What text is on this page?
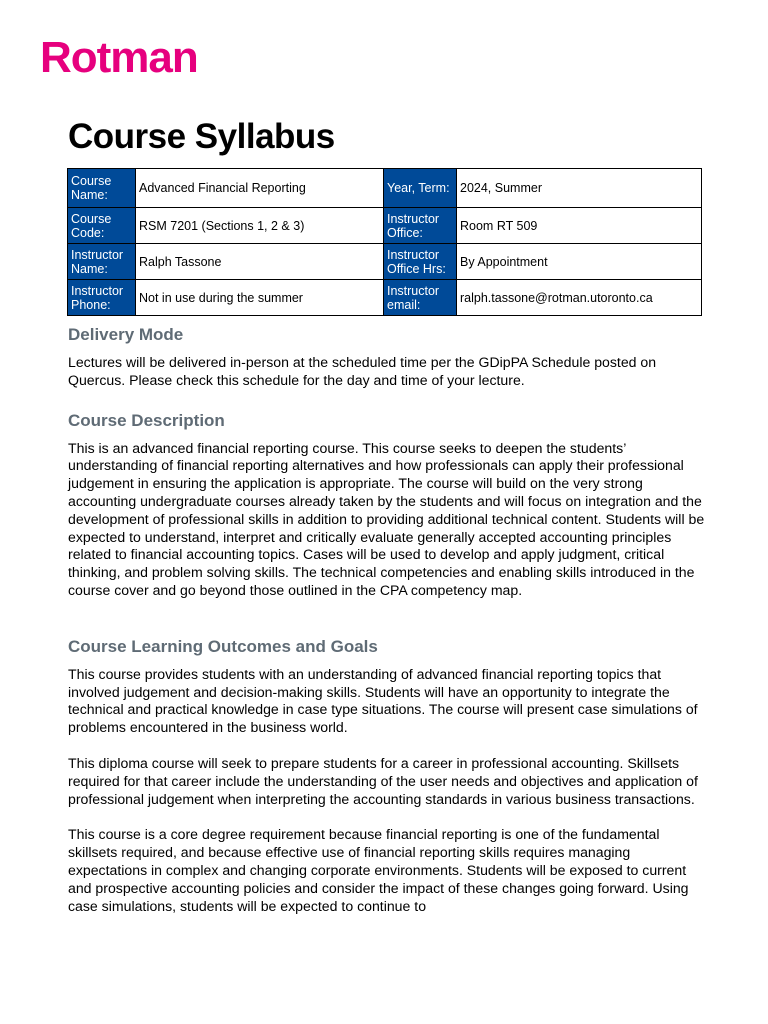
Rotman
Course Syllabus
Course Name:	Advanced Financial Reporting	Year, Term:	2024, Summer
Course Code:	RSM 7201 (Sections 1, 2 & 3)	Instructor Office:	Room RT 509
Instructor Name:	Ralph Tassone	Instructor Office Hrs:	By Appointment
Instructor Phone:	Not in use during the summer	Instructor email:	ralph.tassone@rotman.utoronto.ca
Delivery Mode

Lectures will be delivered in-person at the scheduled time per the GDipPA Schedule posted on Quercus. Please check this schedule for the day and time of your lecture.

Course Description

This is an advanced financial reporting course. This course seeks to deepen the students’ understanding of financial reporting alternatives and how professionals can apply their professional judgement in ensuring the application is appropriate. The course will build on the very strong accounting undergraduate courses already taken by the students and will focus on integration and the development of professional skills in addition to providing additional technical content. Students will be expected to understand, interpret and critically evaluate generally accepted accounting principles related to financial accounting topics. Cases will be used to develop and apply judgment, critical thinking, and problem solving skills. The technical competencies and enabling skills introduced in the course cover and go beyond those outlined in the CPA competency map.

Course Learning Outcomes and Goals

This course provides students with an understanding of advanced financial reporting topics that involved judgement and decision-making skills. Students will have an opportunity to integrate the technical and practical knowledge in case type situations. The course will present case simulations of problems encountered in the business world.

This diploma course will seek to prepare students for a career in professional accounting. Skillsets required for that career include the understanding of the user needs and objectives and application of professional judgement when interpreting the accounting standards in various business transactions.

This course is a core degree requirement because financial reporting is one of the fundamental skillsets required, and because effective use of financial reporting skills requires managing expectations in complex and changing corporate environments. Students will be exposed to current and prospective accounting policies and consider the impact of these changes going forward. Using case simulations, students will be expected to continue to
